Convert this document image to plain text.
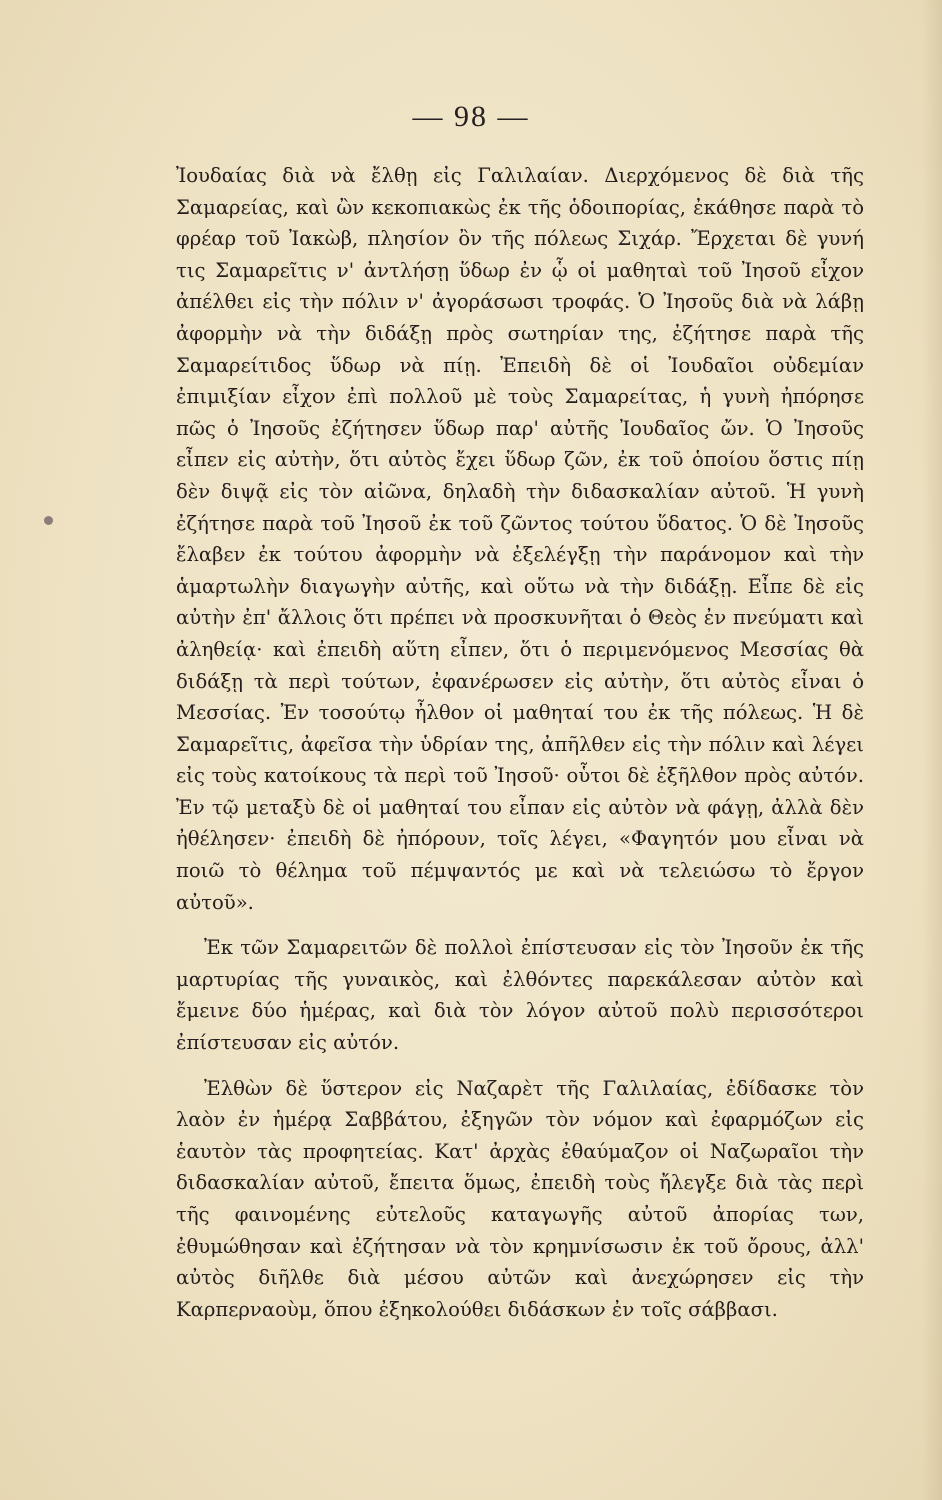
— 98 —

Ἰουδαίας διὰ νὰ ἔλθῃ εἰς Γαλιλαίαν. Διερχόμενος δὲ διὰ τῆς Σαμαρείας, καὶ ὢν κεκοπιακὼς ἐκ τῆς ὁδοιπορίας, ἐκάθησε παρὰ τὸ φρέαρ τοῦ Ἰακὼβ, πλησίον ὂν τῆς πόλεως Σιχάρ. Ἔρχεται δὲ γυνή τις Σαμαρεῖτις ν' ἀντλήσῃ ὕδωρ ἐν ᾧ οἱ μαθηταὶ τοῦ Ἰησοῦ εἶχον ἀπέλθει εἰς τὴν πόλιν ν' ἀγοράσωσι τροφάς. Ὁ Ἰησοῦς διὰ νὰ λάβῃ ἀφορμὴν νὰ τὴν διδάξῃ πρὸς σωτηρίαν της, ἐζήτησε παρὰ τῆς Σαμαρείτιδος ὕδωρ νὰ πίῃ. Ἐπειδὴ δὲ οἱ Ἰουδαῖοι οὐδεμίαν ἐπιμιξίαν εἶχον ἐπὶ πολλοῦ μὲ τοὺς Σαμαρείτας, ἡ γυνὴ ἠπόρησε πῶς ὁ Ἰησοῦς ἐζήτησεν ὕδωρ παρ' αὐτῆς Ἰουδαῖος ὤν. Ὁ Ἰησοῦς εἶπεν εἰς αὐτὴν, ὅτι αὐτὸς ἔχει ὕδωρ ζῶν, ἐκ τοῦ ὁποίου ὅστις πίῃ δὲν διψᾷ εἰς τὸν αἰῶνα, δηλαδὴ τὴν διδασκαλίαν αὐτοῦ. Ἡ γυνὴ ἐζήτησε παρὰ τοῦ Ἰησοῦ ἐκ τοῦ ζῶντος τούτου ὕδατος. Ὁ δὲ Ἰησοῦς ἔλαβεν ἐκ τούτου ἀφορμὴν νὰ ἐξελέγξῃ τὴν παράνομον καὶ τὴν ἁμαρτωλὴν διαγωγὴν αὐτῆς, καὶ οὕτω νὰ τὴν διδάξῃ. Εἶπε δὲ εἰς αὐτὴν ἐπ' ἄλλοις ὅτι πρέπει νὰ προσκυνῆται ὁ Θεὸς ἐν πνεύματι καὶ ἀληθείᾳ· καὶ ἐπειδὴ αὕτη εἶπεν, ὅτι ὁ περιμενόμενος Μεσσίας θὰ διδάξῃ τὰ περὶ τούτων, ἐφανέρωσεν εἰς αὐτὴν, ὅτι αὐτὸς εἶναι ὁ Μεσσίας. Ἐν τοσούτῳ ἦλθον οἱ μαθηταί του ἐκ τῆς πόλεως. Ἡ δὲ Σαμαρεῖτις, ἀφεῖσα τὴν ὑδρίαν της, ἀπῆλθεν εἰς τὴν πόλιν καὶ λέγει εἰς τοὺς κατοίκους τὰ περὶ τοῦ Ἰησοῦ· οὗτοι δὲ ἐξῆλθον πρὸς αὐτόν. Ἐν τῷ μεταξὺ δὲ οἱ μαθηταί του εἶπαν εἰς αὐτὸν νὰ φάγῃ, ἀλλὰ δὲν ἠθέλησεν· ἐπειδὴ δὲ ἠπόρουν, τοῖς λέγει, «Φαγητόν μου εἶναι νὰ ποιῶ τὸ θέλημα τοῦ πέμψαντός με καὶ νὰ τελειώσω τὸ ἔργον αὐτοῦ».

Ἐκ τῶν Σαμαρειτῶν δὲ πολλοὶ ἐπίστευσαν εἰς τὸν Ἰησοῦν ἐκ τῆς μαρτυρίας τῆς γυναικὸς, καὶ ἐλθόντες παρεκάλεσαν αὐτὸν καὶ ἔμεινε δύο ἡμέρας, καὶ διὰ τὸν λόγον αὐτοῦ πολὺ περισσότεροι ἐπίστευσαν εἰς αὐτόν.

Ἐλθὼν δὲ ὕστερον εἰς Ναζαρὲτ τῆς Γαλιλαίας, ἐδίδασκε τὸν λαὸν ἐν ἡμέρᾳ Σαββάτου, ἐξηγῶν τὸν νόμον καὶ ἐφαρμόζων εἰς ἑαυτὸν τὰς προφητείας. Κατ' ἀρχὰς ἐθαύμαζον οἱ Ναζωραῖοι τὴν διδασκαλίαν αὐτοῦ, ἔπειτα ὅμως, ἐπειδὴ τοὺς ἤλεγξε διὰ τὰς περὶ τῆς φαινομένης εὐτελοῦς καταγωγῆς αὐτοῦ ἀπορίας των, ἐθυμώθησαν καὶ ἐζήτησαν νὰ τὸν κρημνίσωσιν ἐκ τοῦ ὄρους, ἀλλ' αὐτὸς διῆλθε διὰ μέσου αὐτῶν καὶ ἀνεχώρησεν εἰς τὴν Καρπερναοὺμ, ὅπου ἐξηκολούθει διδάσκων ἐν τοῖς σάββασι.
